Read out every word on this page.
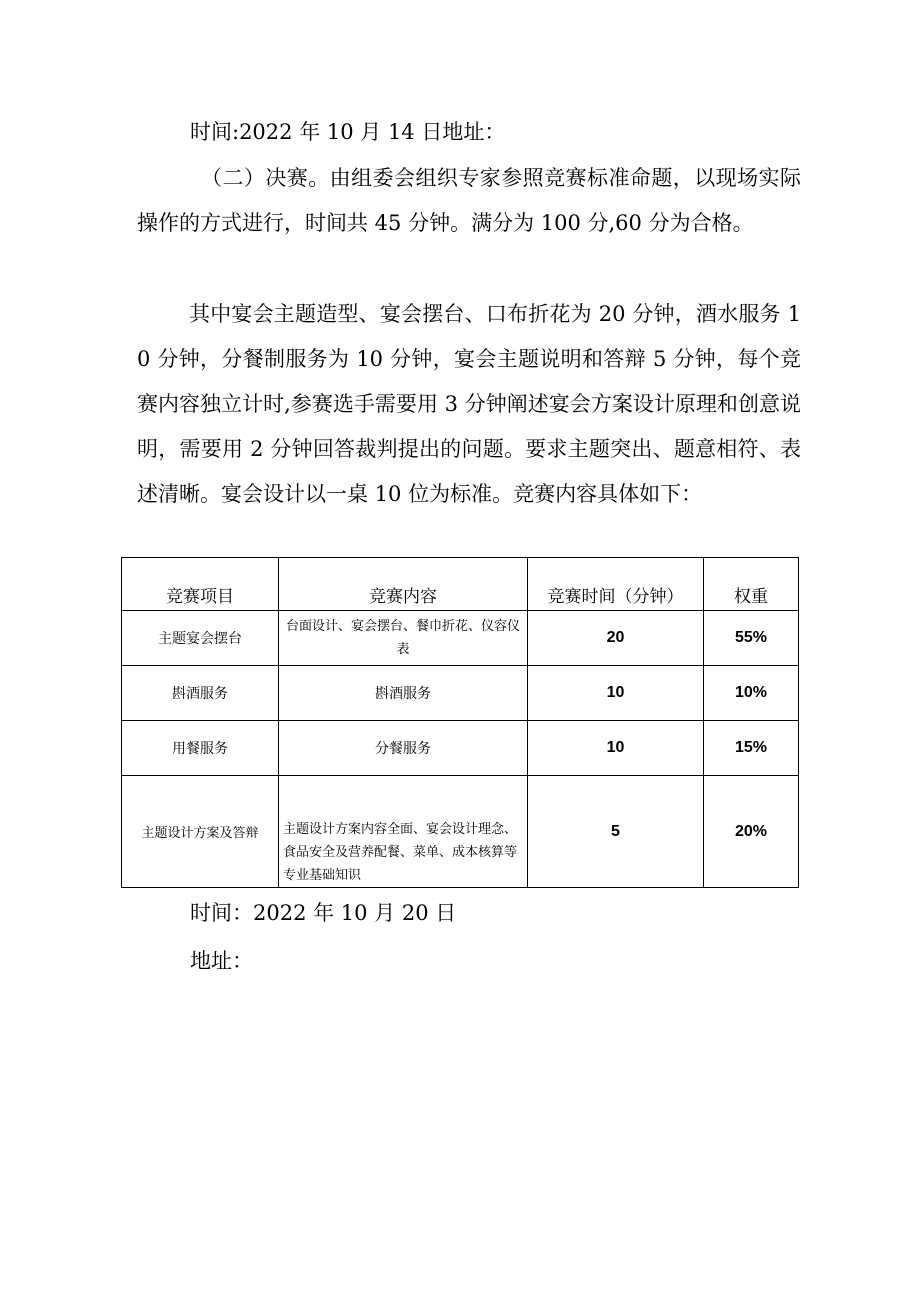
时间:2022 年 10 月 14 日地址：

（二）决赛。由组委会组织专家参照竞赛标准命题，以现场实际操作的方式进行，时间共 45 分钟。满分为 100 分,60 分为合格。

其中宴会主题造型、宴会摆台、口布折花为 20 分钟，酒水服务 10 分钟，分餐制服务为 10 分钟，宴会主题说明和答辩 5 分钟，每个竞赛内容独立计时,参赛选手需要用 3 分钟阐述宴会方案设计原理和创意说明，需要用 2 分钟回答裁判提出的问题。要求主题突出、题意相符、表述清晰。宴会设计以一桌 10 位为标准。竞赛内容具体如下：

竞赛项目	竞赛内容	竞赛时间（分钟）	权重
主题宴会摆台	台面设计、宴会摆台、餐巾折花、仪容仪表	20	55%
斟酒服务	斟酒服务	10	10%
用餐服务	分餐服务	10	15%
主题设计方案及答辩	主题设计方案内容全面、宴会设计理念、食品安全及营养配餐、菜单、成本核算等专业基础知识	5	20%

时间：2022 年 10 月 20 日

地址：
